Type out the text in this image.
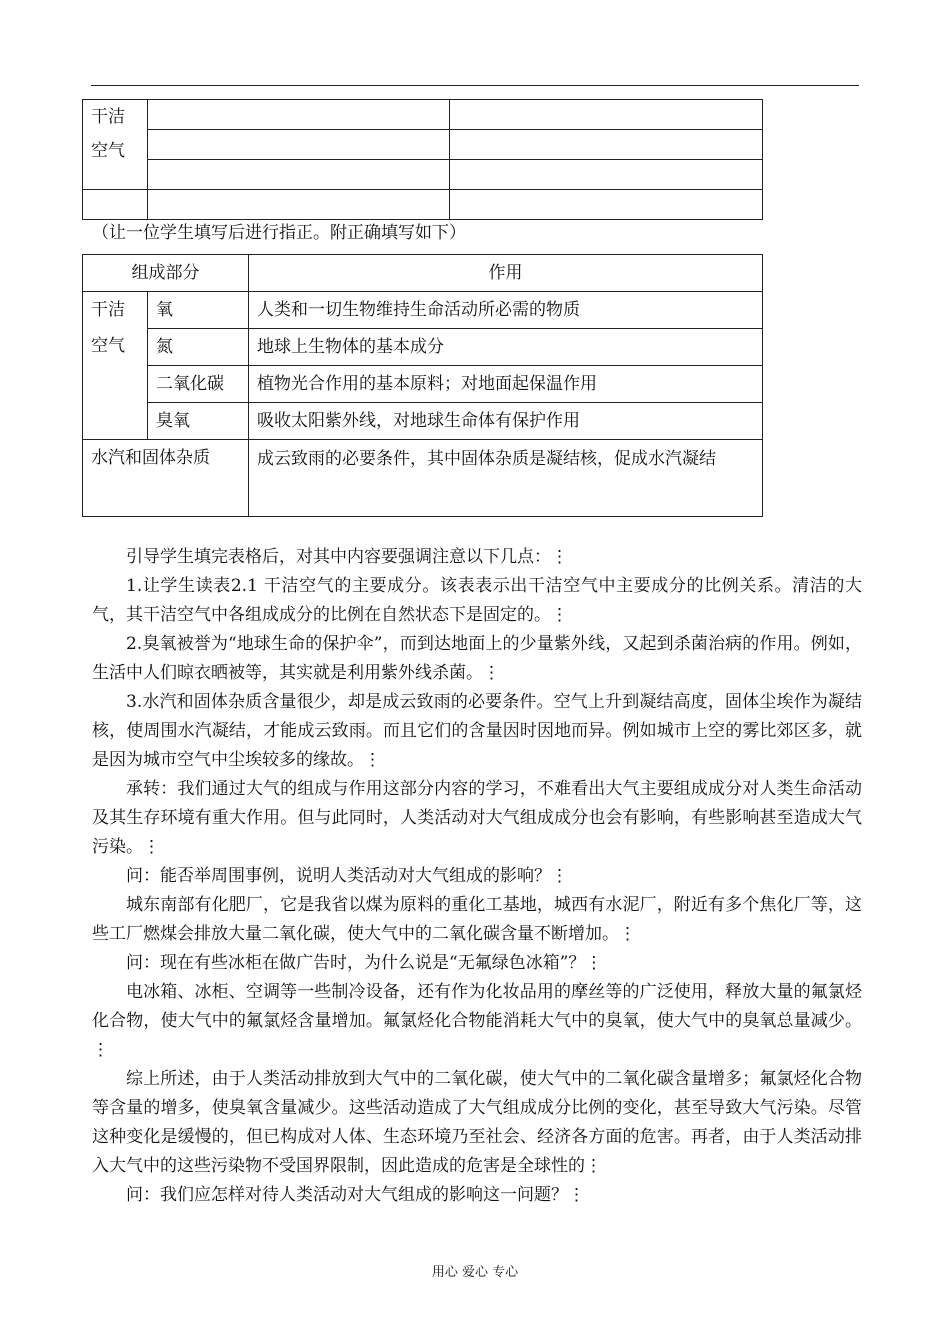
干洁空气		

（让一位学生填写后进行指正。附正确填写如下）
组成部分		作用

干洁空气	氧	人类和一切生物维持生命活动所必需的物质
	氮	地球上生物体的基本成分
	二氧化碳	植物光合作用的基本原料；对地面起保温作用
	臭氧	吸收太阳紫外线，对地球生命体有保护作用
水汽和固体杂质		成云致雨的必要条件，其中固体杂质是凝结核，促成水汽凝结

引导学生填完表格后，对其中内容要强调注意以下几点：⋮

1.让学生读表2.1 干洁空气的主要成分。该表表示出干洁空气中主要成分的比例关系。清洁的大气，其干洁空气中各组成成分的比例在自然状态下是固定的。⋮

2.臭氧被誉为“地球生命的保护伞”，而到达地面上的少量紫外线，又起到杀菌治病的作用。例如，生活中人们晾衣晒被等，其实就是利用紫外线杀菌。⋮

3.水汽和固体杂质含量很少，却是成云致雨的必要条件。空气上升到凝结高度，固体尘埃作为凝结核，使周围水汽凝结，才能成云致雨。而且它们的含量因时因地而异。例如城市上空的雾比郊区多，就是因为城市空气中尘埃较多的缘故。⋮

承转：我们通过大气的组成与作用这部分内容的学习，不难看出大气主要组成成分对人类生命活动及其生存环境有重大作用。但与此同时，人类活动对大气组成成分也会有影响，有些影响甚至造成大气污染。⋮

问：能否举周围事例，说明人类活动对大气组成的影响？⋮

城东南部有化肥厂，它是我省以煤为原料的重化工基地，城西有水泥厂，附近有多个焦化厂等，这些工厂燃煤会排放大量二氧化碳，使大气中的二氧化碳含量不断增加。⋮

问：现在有些冰柜在做广告时，为什么说是“无氟绿色冰箱”？⋮

电冰箱、冰柜、空调等一些制冷设备，还有作为化妆品用的摩丝等的广泛使用，释放大量的氟氯烃化合物，使大气中的氟氯烃含量增加。氟氯烃化合物能消耗大气中的臭氧，使大气中的臭氧总量减少。⋮

综上所述，由于人类活动排放到大气中的二氧化碳，使大气中的二氧化碳含量增多；氟氯烃化合物等含量的增多，使臭氧含量减少。这些活动造成了大气组成成分比例的变化，甚至导致大气污染。尽管这种变化是缓慢的，但已构成对人体、生态环境乃至社会、经济各方面的危害。再者，由于人类活动排入大气中的这些污染物不受国界限制，因此造成的危害是全球性的⋮

问：我们应怎样对待人类活动对大气组成的影响这一问题？⋮

用心 爱心 专心
